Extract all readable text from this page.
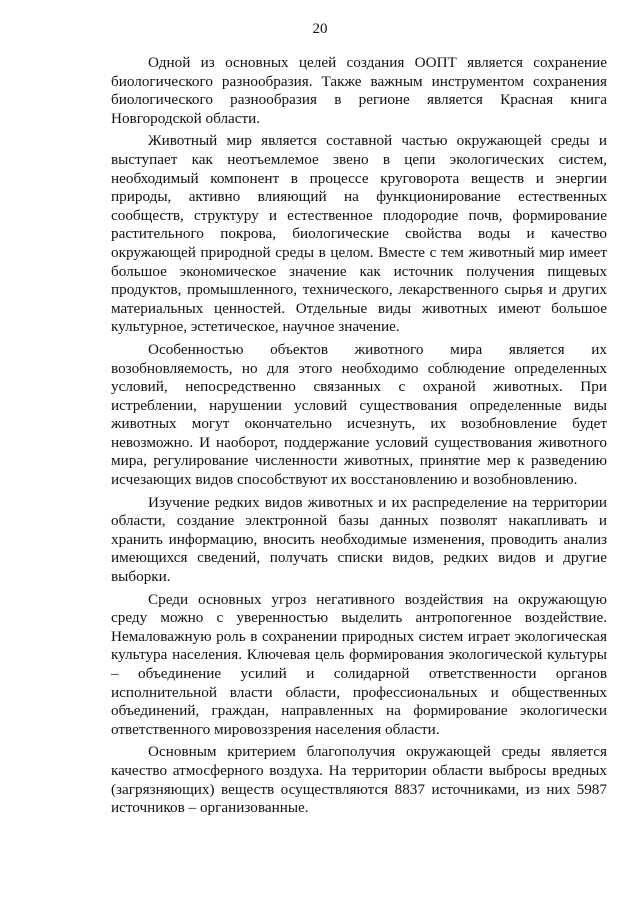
20

Одной из основных целей создания ООПТ является сохранение биологического разнообразия. Также важным инструментом сохранения биологического разнообразия в регионе является Красная книга Новгородской области.

Животный мир является составной частью окружающей среды и выступает как неотъемлемое звено в цепи экологических систем, необходимый компонент в процессе круговорота веществ и энергии природы, активно влияющий на функционирование естественных сообществ, структуру и естественное плодородие почв, формирование растительного покрова, биологические свойства воды и качество окружающей природной среды в целом. Вместе с тем животный мир имеет большое экономическое значение как источник получения пищевых продуктов, промышленного, технического, лекарственного сырья и других материальных ценностей. Отдельные виды животных имеют большое культурное, эстетическое, научное значение.

Особенностью объектов животного мира является их возобновляемость, но для этого необходимо соблюдение определенных условий, непосредственно связанных с охраной животных. При истреблении, нарушении условий существования определенные виды животных могут окончательно исчезнуть, их возобновление будет невозможно. И наоборот, поддержание условий существования животного мира, регулирование численности животных, принятие мер к разведению исчезающих видов способствуют их восстановлению и возобновлению.

Изучение редких видов животных и их распределение на территории области, создание электронной базы данных позволят накапливать и хранить информацию, вносить необходимые изменения, проводить анализ имеющихся сведений, получать списки видов, редких видов и другие выборки.

Среди основных угроз негативного воздействия на окружающую среду можно с уверенностью выделить антропогенное воздействие. Немаловажную роль в сохранении природных систем играет экологическая культура населения. Ключевая цель формирования экологической культуры – объединение усилий и солидарной ответственности органов исполнительной власти области, профессиональных и общественных объединений, граждан, направленных на формирование экологически ответственного мировоззрения населения области.

Основным критерием благополучия окружающей среды является качество атмосферного воздуха. На территории области выбросы вредных (загрязняющих) веществ осуществляются 8837 источниками, из них 5987 источников – организованные.
